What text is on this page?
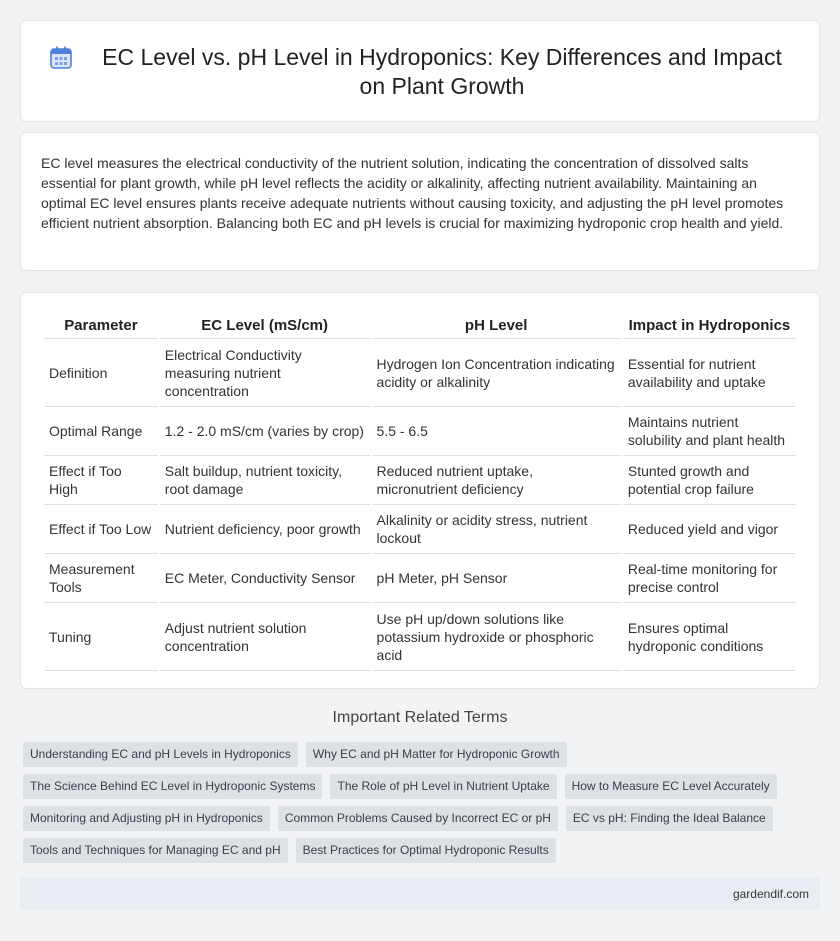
EC Level vs. pH Level in Hydroponics: Key Differences and Impact on Plant Growth

EC level measures the electrical conductivity of the nutrient solution, indicating the concentration of dissolved salts essential for plant growth, while pH level reflects the acidity or alkalinity, affecting nutrient availability. Maintaining an optimal EC level ensures plants receive adequate nutrients without causing toxicity, and adjusting the pH level promotes efficient nutrient absorption. Balancing both EC and pH levels is crucial for maximizing hydroponic crop health and yield.

Parameter	EC Level (mS/cm)	pH Level	Impact in Hydroponics
Definition	Electrical Conductivity measuring nutrient concentration	Hydrogen Ion Concentration indicating acidity or alkalinity	Essential for nutrient availability and uptake
Optimal Range	1.2 - 2.0 mS/cm (varies by crop)	5.5 - 6.5	Maintains nutrient solubility and plant health
Effect if Too High	Salt buildup, nutrient toxicity, root damage	Reduced nutrient uptake, micronutrient deficiency	Stunted growth and potential crop failure
Effect if Too Low	Nutrient deficiency, poor growth	Alkalinity or acidity stress, nutrient lockout	Reduced yield and vigor
Measurement Tools	EC Meter, Conductivity Sensor	pH Meter, pH Sensor	Real-time monitoring for precise control
Tuning	Adjust nutrient solution concentration	Use pH up/down solutions like potassium hydroxide or phosphoric acid	Ensures optimal hydroponic conditions
Important Related Terms
Understanding EC and pH Levels in Hydroponics	Why EC and pH Matter for Hydroponic Growth
The Science Behind EC Level in Hydroponic Systems	The Role of pH Level in Nutrient Uptake	How to Measure EC Level Accurately
Monitoring and Adjusting pH in Hydroponics	Common Problems Caused by Incorrect EC or pH	EC vs pH: Finding the Ideal Balance
Tools and Techniques for Managing EC and pH	Best Practices for Optimal Hydroponic Results
gardendif.com
